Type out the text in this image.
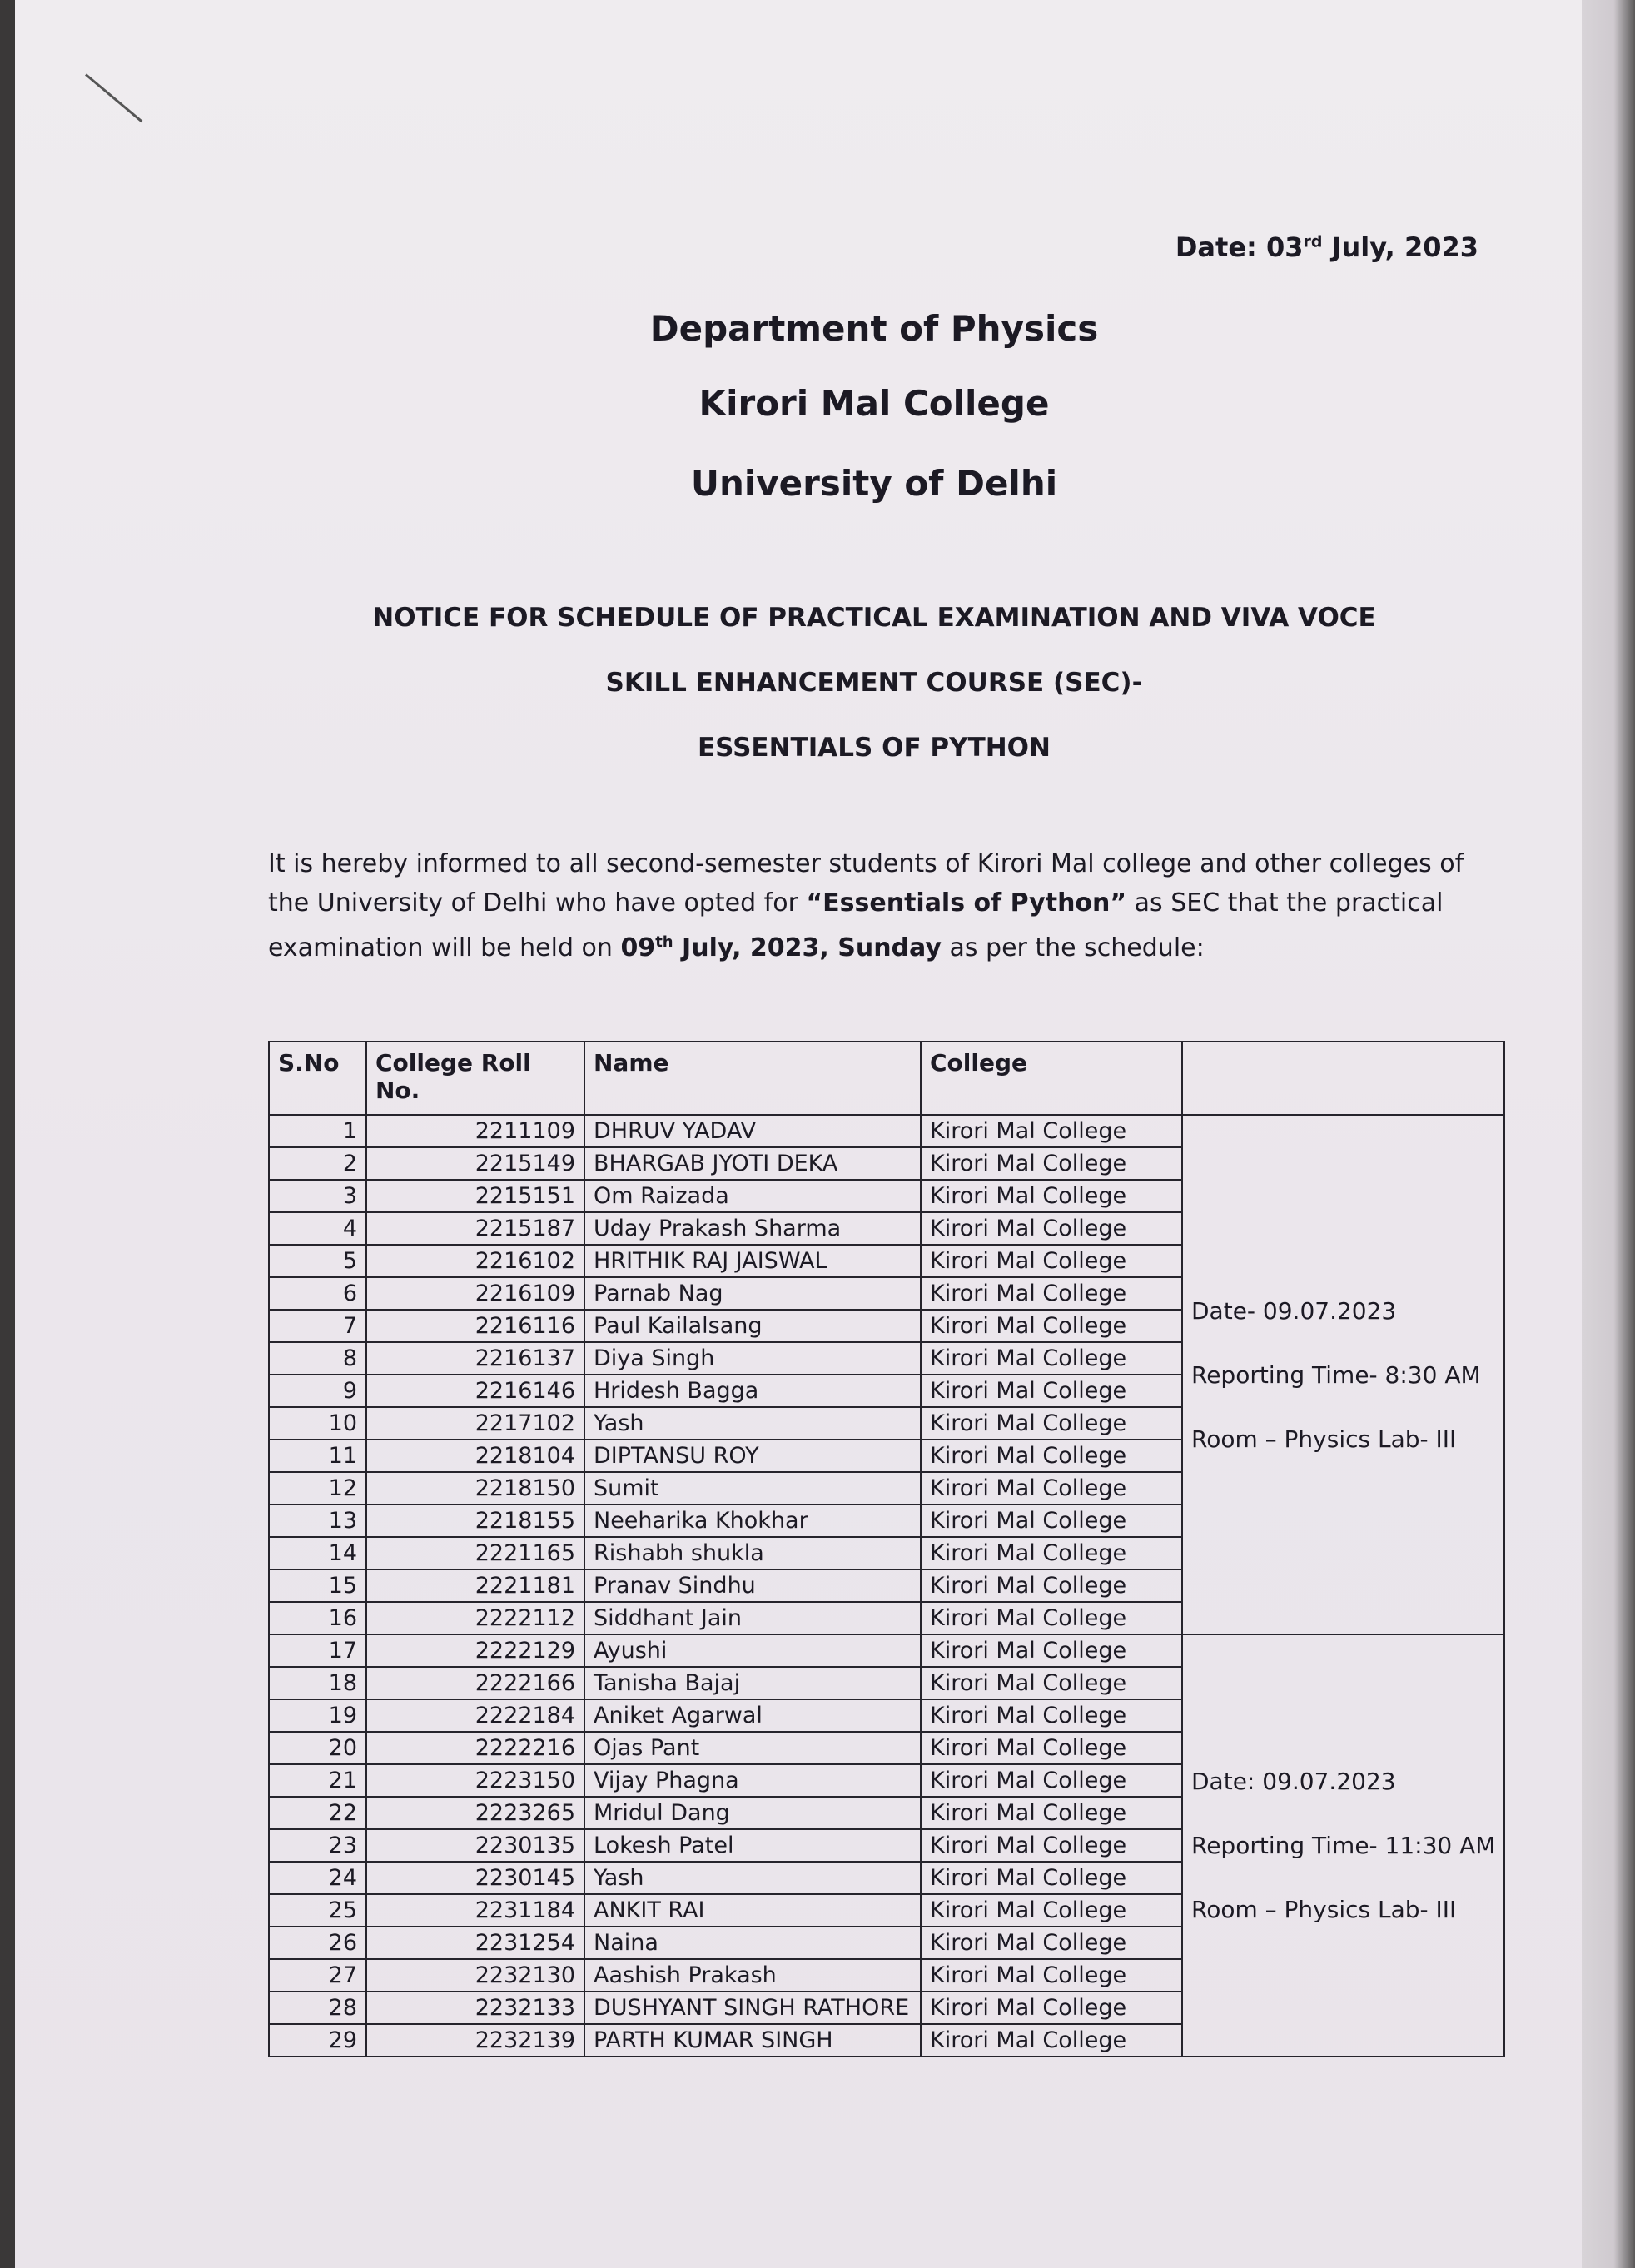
Date: 03rd July, 2023
Department of Physics
Kirori Mal College
University of Delhi
NOTICE FOR SCHEDULE OF PRACTICAL EXAMINATION AND VIVA VOCE
SKILL ENHANCEMENT COURSE (SEC)-
ESSENTIALS OF PYTHON
It is hereby informed to all second-semester students of Kirori Mal college and other colleges of the University of Delhi who have opted for “Essentials of Python” as SEC that the practical examination will be held on 09th July, 2023, Sunday as per the schedule:
S.No	College Roll No.	Name	College	
1	2211109	DHRUV YADAV	Kirori Mal College	Date- 09.07.2023
Reporting Time- 8:30 AM
Room – Physics Lab- III

2	2215149	BHARGAB JYOTI DEKA	Kirori Mal College	
3	2215151	Om Raizada	Kirori Mal College	
4	2215187	Uday Prakash Sharma	Kirori Mal College	
5	2216102	HRITHIK RAJ JAISWAL	Kirori Mal College	
6	2216109	Parnab Nag	Kirori Mal College	
7	2216116	Paul Kailalsang	Kirori Mal College	
8	2216137	Diya Singh	Kirori Mal College	
9	2216146	Hridesh Bagga	Kirori Mal College	
10	2217102	Yash	Kirori Mal College	
11	2218104	DIPTANSU ROY	Kirori Mal College	
12	2218150	Sumit	Kirori Mal College	
13	2218155	Neeharika Khokhar	Kirori Mal College	
14	2221165	Rishabh shukla	Kirori Mal College	
15	2221181	Pranav Sindhu	Kirori Mal College	
16	2222112	Siddhant Jain	Kirori Mal College	
17	2222129	Ayushi	Kirori Mal College	Date: 09.07.2023
Reporting Time- 11:30 AM
Room – Physics Lab- III

18	2222166	Tanisha Bajaj	Kirori Mal College	
19	2222184	Aniket Agarwal	Kirori Mal College	
20	2222216	Ojas Pant	Kirori Mal College	
21	2223150	Vijay Phagna	Kirori Mal College	
22	2223265	Mridul Dang	Kirori Mal College	
23	2230135	Lokesh Patel	Kirori Mal College	
24	2230145	Yash	Kirori Mal College	
25	2231184	ANKIT RAI	Kirori Mal College	
26	2231254	Naina	Kirori Mal College	
27	2232130	Aashish Prakash	Kirori Mal College	
28	2232133	DUSHYANT SINGH RATHORE	Kirori Mal College	
29	2232139	PARTH KUMAR SINGH	Kirori Mal College	
